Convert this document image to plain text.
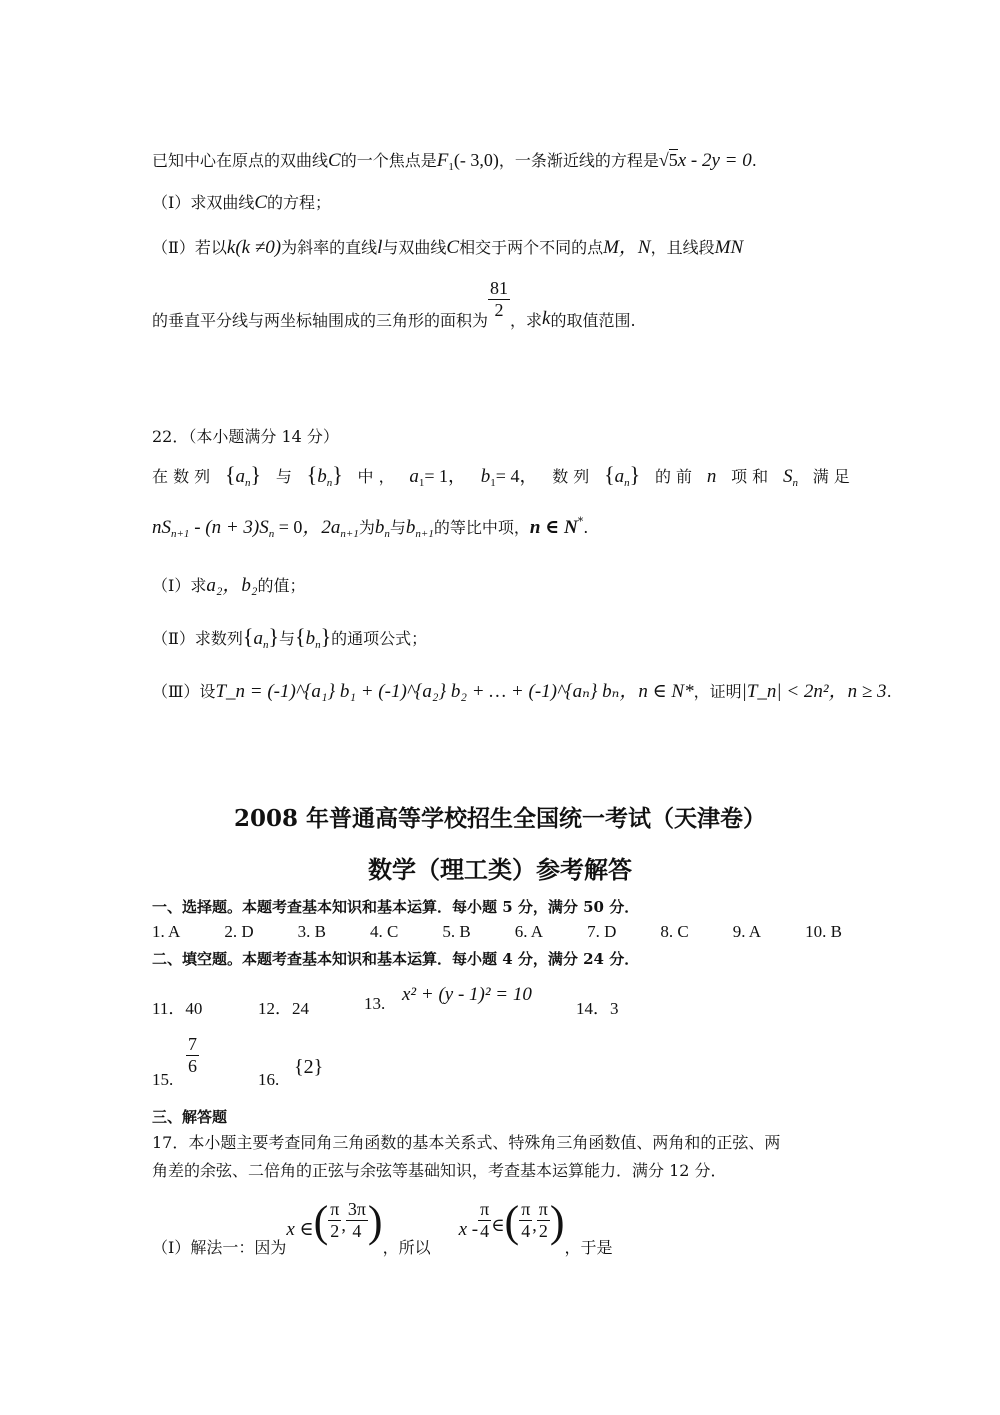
已知中心在原点的双曲线C的一个焦点是$F_1(-$ 3,0)，一条渐近线的方程是√5x - 2y = 0.
（Ⅰ）求双曲线C的方程；
（Ⅱ）若以k(k ≠0)为斜率的直线l与双曲线C相交于两个不同的点M，N，且线段MN
的垂直平分线与两坐标轴围成的三角形的面积为 $\frac{81}{2}$ ，求k的取值范围.
22．（本小题满分 14 分）
在 数 列 $\{a_n\}$ 与 $\{b_n\}$ 中 ， $a_1= 1$， $b_1= 4$， 数 列 $\{a_n\}$ 的 前 n 项 和 $S_n$ 满 足
$nS_{n+1} - (n + 3)S_n = 0$，$2a_{n+1}$为$b_n$与$b_{n+1}$的等比中项，n ∈ N*.
（Ⅰ）求a₂，b₂的值；
（Ⅱ）求数列$\{a_n\}$与$\{b_n\}$的通项公式；
（Ⅲ）设T_n = (-1)^{a₁} b₁ + (-1)^{a₂} b₂ + … + (-1)^{aₙ} bₙ，n ∈ N*，证明|T_n| < 2n²，n ≥ 3.
2008 年普通高等学校招生全国统一考试（天津卷）
数学（理工类）参考解答
一、选择题。本题考查基本知识和基本运算．每小题 5 分，满分 50 分．
1. A	2. D	3. B	4. C	5. B	6. A	7. D	8. C	9. A	10. B
二、填空题。本题考查基本知识和基本运算．每小题 4 分，满分 24 分．
11．40	12．24	13. x² + (y - 1)² = 10
14．3
15.
$\frac{7}{6}$
16.
{2}
三、解答题
17．本小题主要考查同角三角函数的基本关系式、特殊角三角函数值、两角和的正弦、两
角差的余弦、二倍角的正弦与余弦等基础知识，考查基本运算能力．满分 12 分．
（Ⅰ）解法一：因为x ∈( $\frac{\pi}{2}$ , $\frac{3\pi}{4}$ )，所以x - $\frac{\pi}{4}$ ∈( $\frac{\pi}{4}$ , $\frac{\pi}{2}$ )，于是
